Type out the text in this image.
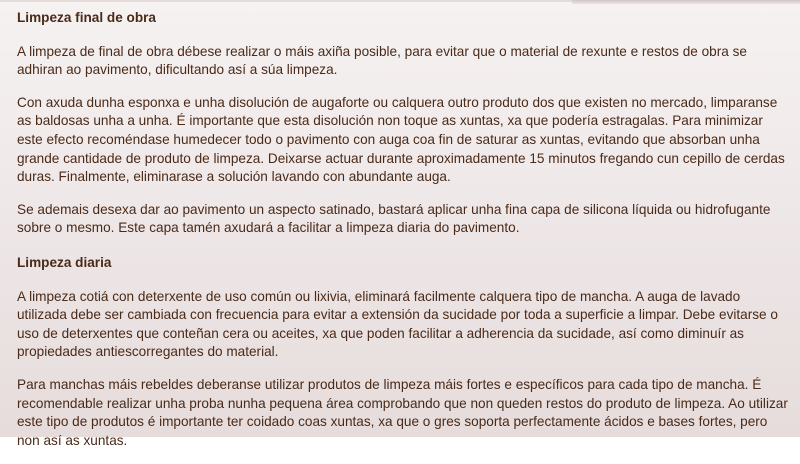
Limpeza final de obra

A limpeza de final de obra débese realizar o máis axiña posible, para evitar que o material de rexunte e restos de obra se adhiran ao pavimento, dificultando así a súa limpeza.

Con axuda dunha esponxa e unha disolución de augaforte ou calquera outro produto dos que existen no mercado, limparanse as baldosas unha a unha. É importante que esta disolución non toque as xuntas, xa que podería estragalas. Para minimizar este efecto recoméndase humedecer todo o pavimento con auga coa fin de saturar as xuntas, evitando que absorban unha grande cantidade de produto de limpeza. Deixarse actuar durante aproximadamente 15 minutos fregando cun cepillo de cerdas duras. Finalmente, eliminarase a solución lavando con abundante auga.

Se ademais desexa dar ao pavimento un aspecto satinado, bastará aplicar unha fina capa de silicona líquida ou hidrofugante sobre o mesmo. Este capa tamén axudará a facilitar a limpeza diaria do pavimento.

Limpeza diaria

A limpeza cotiá con deterxente de uso común ou lixivia, eliminará facilmente calquera tipo de mancha. A auga de lavado utilizada debe ser cambiada con frecuencia para evitar a extensión da sucidade por toda a superficie a limpar. Debe evitarse o uso de deterxentes que conteñan cera ou aceites, xa que poden facilitar a adherencia da sucidade, así como diminuír as propiedades antiescorregantes do material.

Para manchas máis rebeldes deberanse utilizar produtos de limpeza máis fortes e específicos para cada tipo de mancha. É recomendable realizar unha proba nunha pequena área comprobando que non queden restos do produto de limpeza. Ao utilizar este tipo de produtos é importante ter coidado coas xuntas, xa que o gres soporta perfectamente ácidos e bases fortes, pero non así as xuntas.
